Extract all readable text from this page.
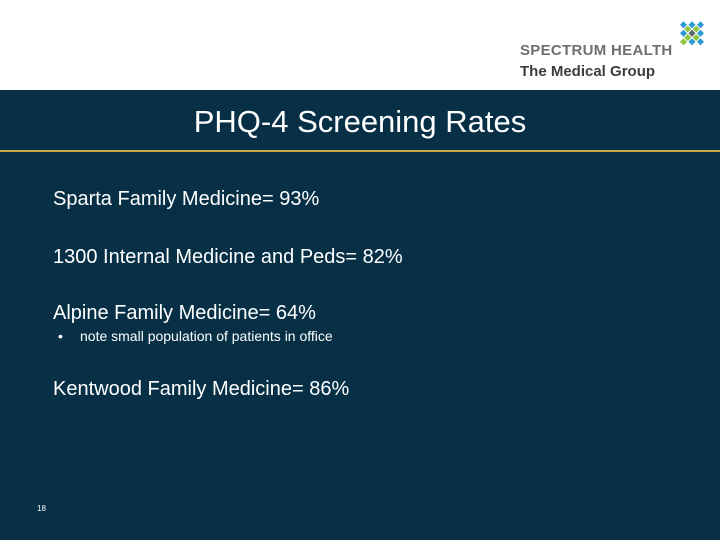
SPECTRUM HEALTH
The Medical Group
PHQ-4 Screening Rates
Sparta Family Medicine= 93%
1300 Internal Medicine and Peds= 82%
Alpine Family Medicine= 64%
• note small population of patients in office
Kentwood Family Medicine= 86%
18
